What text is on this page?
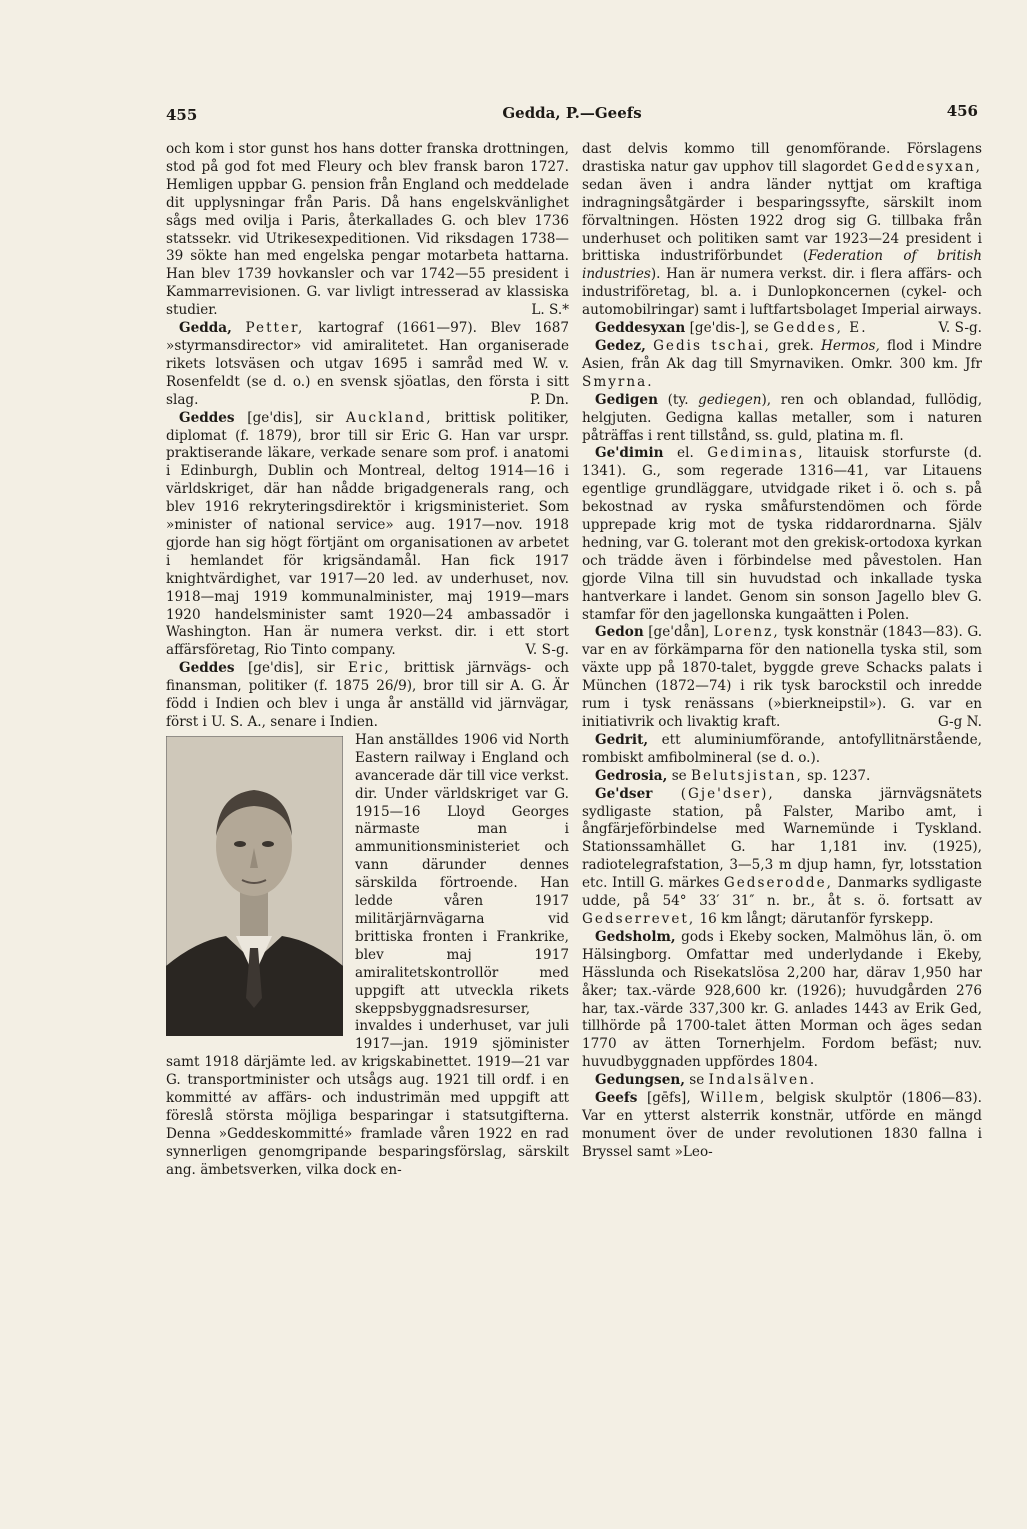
455	Gedda, P.—Geefs	456

och kom i stor gunst hos hans dotter franska drottningen, stod på god fot med Fleury och blev fransk baron 1727. Hemligen uppbar G. pension från England och meddelade dit upplysningar från Paris. Då hans engelskvänlighet sågs med ovilja i Paris, återkallades G. och blev 1736 statssekr. vid Utrikesexpeditionen. Vid riksdagen 1738—39 sökte han med engelska pengar motarbeta hattarna. Han blev 1739 hovkansler och var 1742—55 president i Kammarrevisionen. G. var livligt intresserad av klassiska studier.	L. S.*

Gedda, Petter, kartograf (1661—97). Blev 1687 »styrmansdirector» vid amiralitetet. Han organiserade rikets lotsväsen och utgav 1695 i samråd med W. v. Rosenfeldt (se d. o.) en svensk sjöatlas, den första i sitt slag.	P. Dn.

Geddes [ge'dis], sir Auckland, brittisk politiker, diplomat (f. 1879), bror till sir Eric G. Han var urspr. praktiserande läkare, verkade senare som prof. i anatomi i Edinburgh, Dublin och Montreal, deltog 1914—16 i världskriget, där han nådde brigadgenerals rang, och blev 1916 rekryteringsdirektör i krigsministeriet. Som »minister of national service» aug. 1917—nov. 1918 gjorde han sig högt förtjänt om organisationen av arbetet i hemlandet för krigsändamål. Han fick 1917 knightvärdighet, var 1917—20 led. av underhuset, nov. 1918—maj 1919 kommunalminister, maj 1919—mars 1920 handelsminister samt 1920—24 ambassadör i Washington. Han är numera verkst. dir. i ett stort affärsföretag, Rio Tinto company.	V. S-g.

Geddes [ge'dis], sir Eric, brittisk järnvägs- och finansman, politiker (f. 1875 26/9), bror till sir A. G. Är född i Indien och blev i unga år anställd vid järnvägar, först i U. S. A., senare i Indien.

Han anställdes 1906 vid North Eastern railway i England och avancerade där till vice verkst. dir. Under världskriget var G. 1915—16 Lloyd Georges närmaste man i ammunitionsministeriet och vann därunder dennes särskilda förtroende. Han ledde våren 1917 militärjärnvägarna vid brittiska fronten i Frankrike, blev maj 1917 amiralitetskontrollör med uppgift att utveckla rikets skeppsbyggnadsresurser, invaldes i underhuset, var juli 1917—jan. 1919 sjöminister samt 1918 därjämte led. av krigskabinettet. 1919—21 var G. transportminister och utsågs aug. 1921 till ordf. i en kommitté av affärs- och industrimän med uppgift att föreslå största möjliga besparingar i statsutgifterna. Denna »Geddeskommitté» framlade våren 1922 en rad synnerligen genomgripande besparingsförslag, särskilt ang. ämbetsverken, vilka dock en-

dast delvis kommo till genomförande. Förslagens drastiska natur gav upphov till slagordet Geddesyxan, sedan även i andra länder nyttjat om kraftiga indragningsåtgärder i besparingssyfte, särskilt inom förvaltningen. Hösten 1922 drog sig G. tillbaka från underhuset och politiken samt var 1923—24 president i brittiska industriförbundet (Federation of british industries). Han är numera verkst. dir. i flera affärs- och industriföretag, bl. a. i Dunlopkoncernen (cykel- och automobilringar) samt i luftfartsbolaget Imperial airways.
V. S-g.

Geddesyxan [ge'dis-], se Geddes, E.

Gedez, Gedis tschai, grek. Hermos, flod i Mindre Asien, från Ak dag till Smyrnaviken. Omkr. 300 km. Jfr Smyrna.

Gedigen (ty. gediegen), ren och oblandad, fullödig, helgjuten. Gedigna kallas metaller, som i naturen påträffas i rent tillstånd, ss. guld, platina m. fl.

Ge'dimin el. Gediminas, litauisk storfurste (d. 1341). G., som regerade 1316—41, var Litauens egentlige grundläggare, utvidgade riket i ö. och s. på bekostnad av ryska småfurstendömen och förde upprepade krig mot de tyska riddarordnarna. Själv hedning, var G. tolerant mot den grekisk-ortodoxa kyrkan och trädde även i förbindelse med påvestolen. Han gjorde Vilna till sin huvudstad och inkallade tyska hantverkare i landet. Genom sin sonson Jagello blev G. stamfar för den jagellonska kungaätten i Polen.

Gedon [ge'dån], Lorenz, tysk konstnär (1843—83). G. var en av förkämparna för den nationella tyska stil, som växte upp på 1870-talet, byggde greve Schacks palats i München (1872—74) i rik tysk barockstil och inredde rum i tysk renässans (»bierkneipstil»). G. var en initiativrik och livaktig kraft.	G-g N.

Gedrit, ett aluminiumförande, antofyllitnärstående, rombiskt amfibolmineral (se d. o.).

Gedrosia, se Belutsjistan, sp. 1237.

Ge'dser (Gje'dser), danska järnvägsnätets sydligaste station, på Falster, Maribo amt, i ångfärjeförbindelse med Warnemünde i Tyskland. Stationssamhället G. har 1,181 inv. (1925), radiotelegrafstation, 3—5,3 m djup hamn, fyr, lotsstation etc. Intill G. märkes Gedserodde, Danmarks sydligaste udde, på 54° 33′ 31″ n. br., åt s. ö. fortsatt av Gedserrevet, 16 km långt; därutanför fyrskepp.

Gedsholm, gods i Ekeby socken, Malmöhus län, ö. om Hälsingborg. Omfattar med underlydande i Ekeby, Hässlunda och Risekatslösa 2,200 har, därav 1,950 har åker; tax.-värde 928,600 kr. (1926); huvudgården 276 har, tax.-värde 337,300 kr. G. anlades 1443 av Erik Ged, tillhörde på 1700-talet ätten Morman och äges sedan 1770 av ätten Tornerhjelm. Fordom befäst; nuv. huvudbyggnaden uppfördes 1804.

Gedungsen, se Indalsälven.

Geefs [gēfs], Willem, belgisk skulptör (1806—83). Var en ytterst alsterrik konstnär, utförde en mängd monument över de under revolutionen 1830 fallna i Bryssel samt »Leo-
